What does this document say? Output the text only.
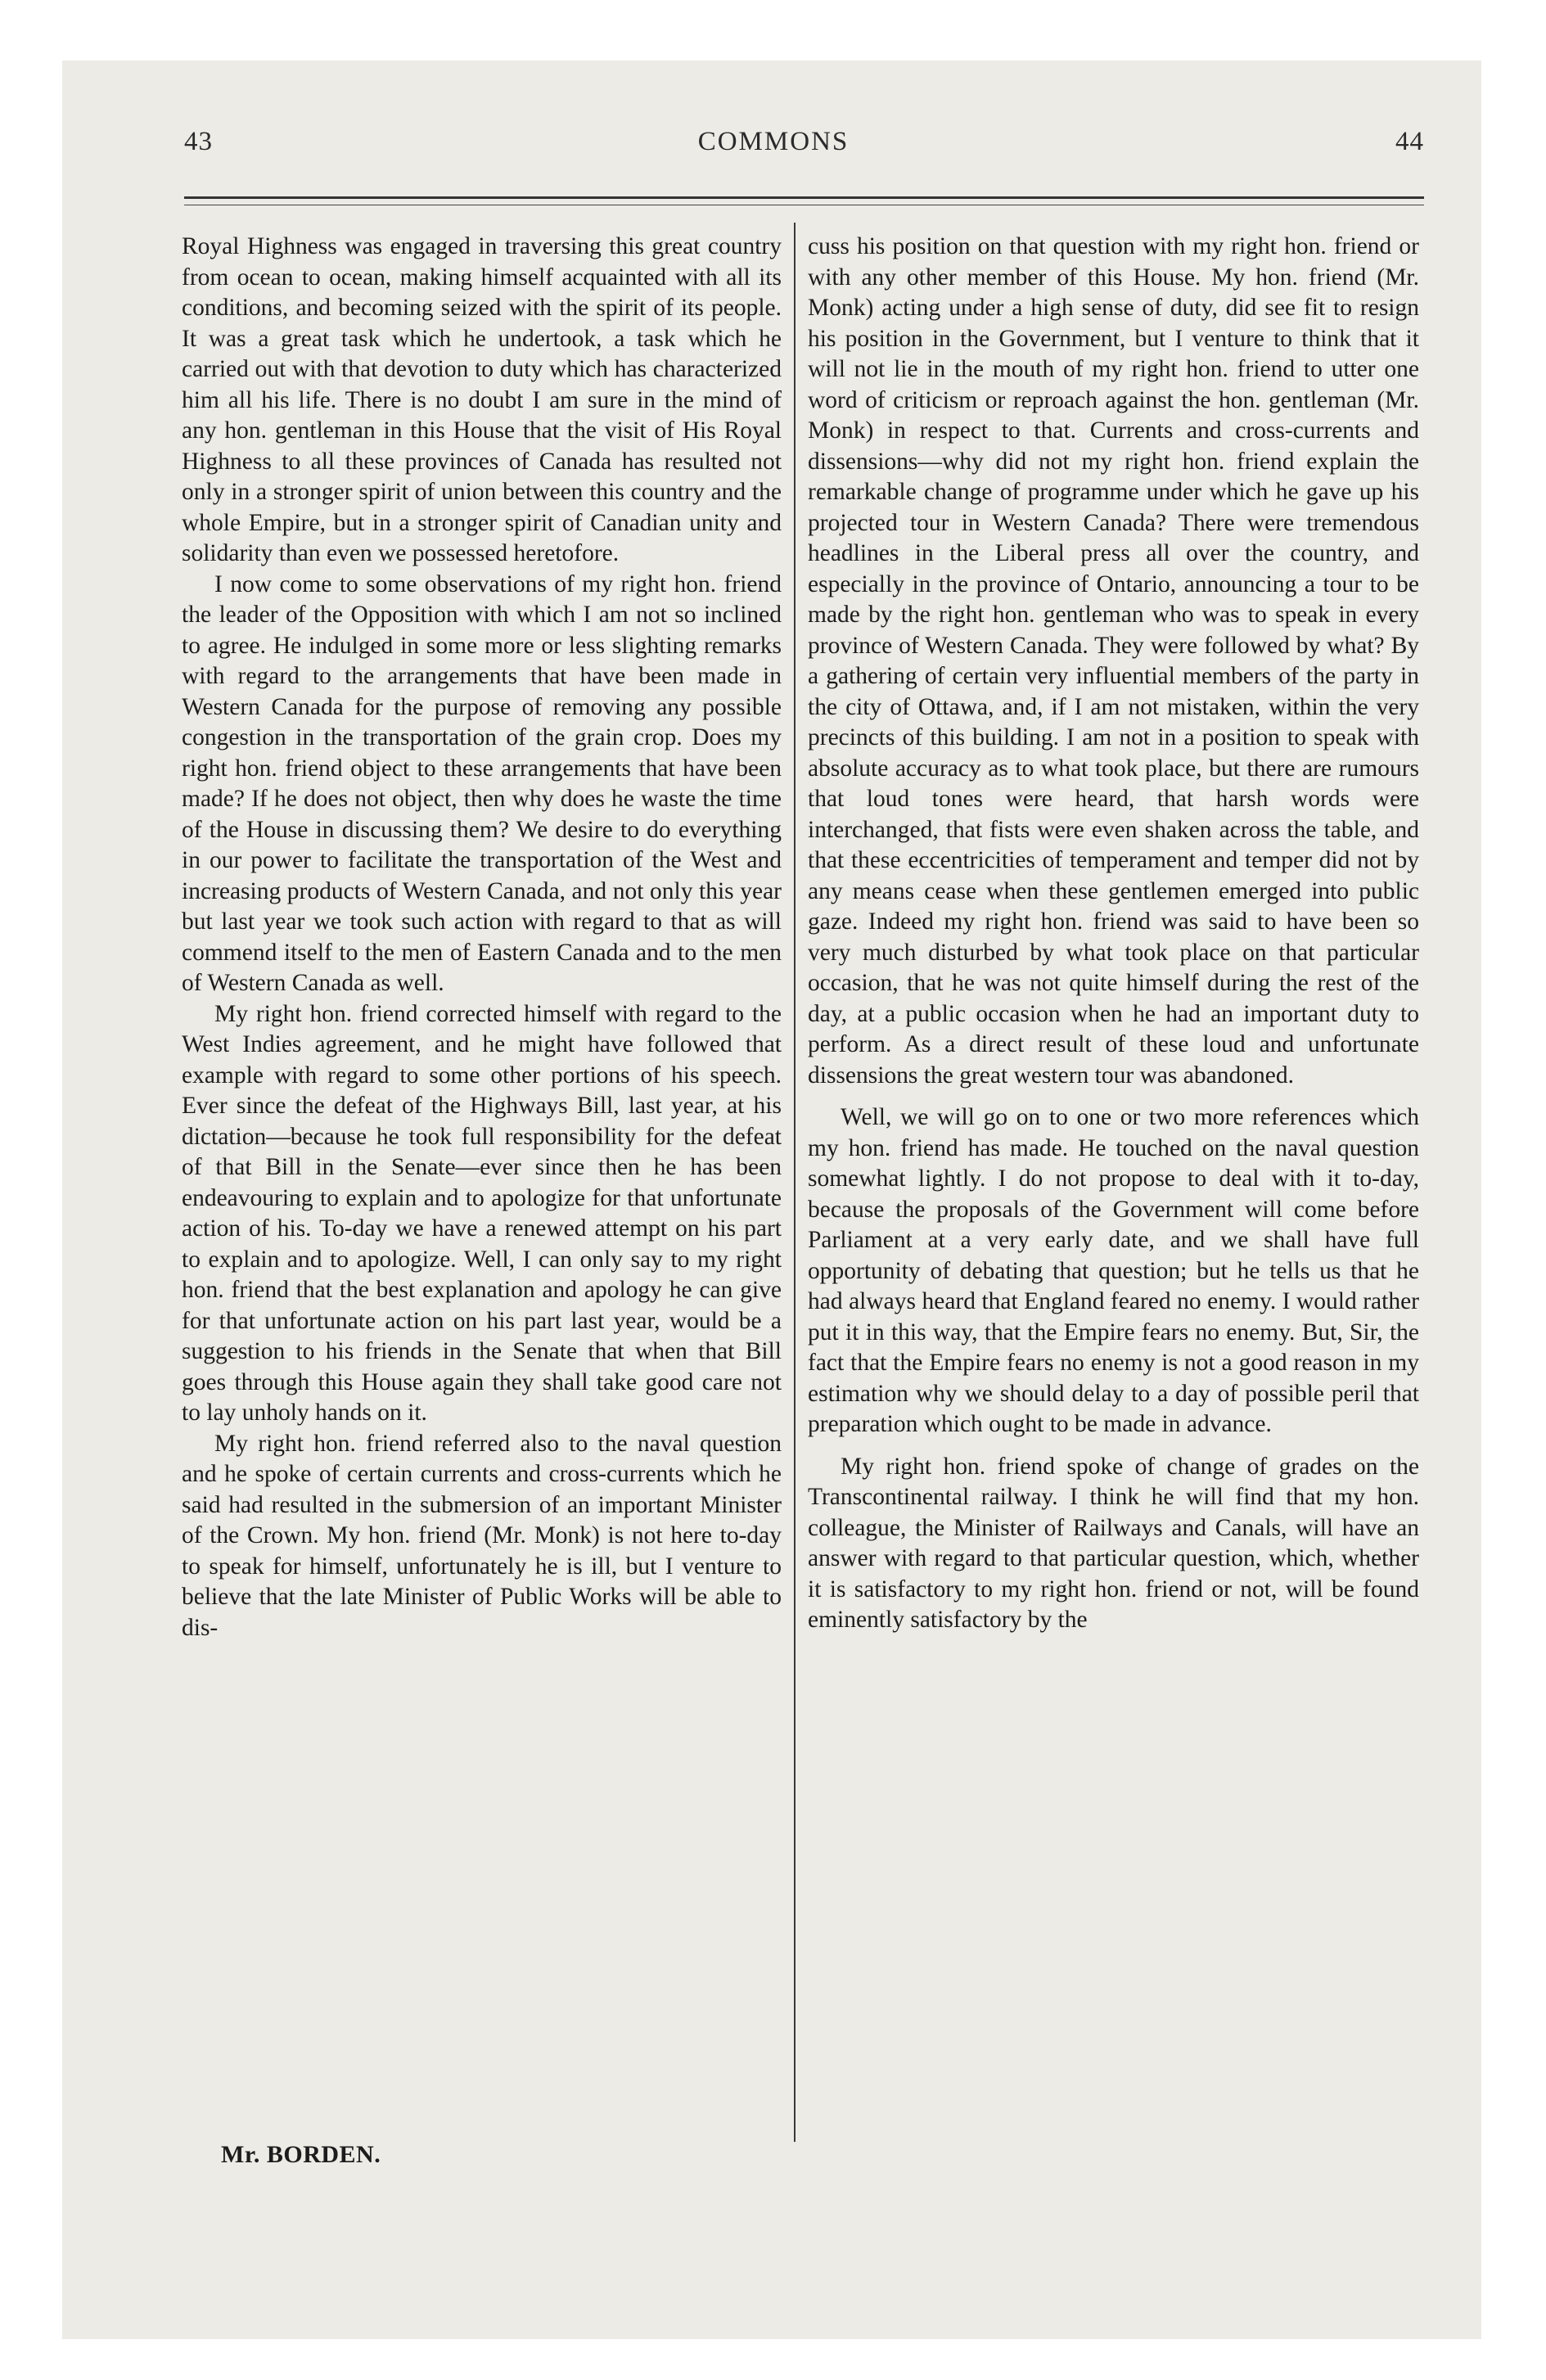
43	COMMONS	44

Royal Highness was engaged in traversing this great country from ocean to ocean, making himself acquainted with all its conditions, and becoming seized with the spirit of its people. It was a great task which he undertook, a task which he carried out with that devotion to duty which has characterized him all his life. There is no doubt I am sure in the mind of any hon. gentleman in this House that the visit of His Royal Highness to all these provinces of Canada has resulted not only in a stronger spirit of union between this country and the whole Empire, but in a stronger spirit of Canadian unity and solidarity than even we possessed heretofore.

I now come to some observations of my right hon. friend the leader of the Opposition with which I am not so inclined to agree. He indulged in some more or less slighting remarks with regard to the arrangements that have been made in Western Canada for the purpose of removing any possible congestion in the transportation of the grain crop. Does my right hon. friend object to these arrangements that have been made? If he does not object, then why does he waste the time of the House in discussing them? We desire to do everything in our power to facilitate the transportation of the West and increasing products of Western Canada, and not only this year but last year we took such action with regard to that as will commend itself to the men of Eastern Canada and to the men of Western Canada as well.

My right hon. friend corrected himself with regard to the West Indies agreement, and he might have followed that example with regard to some other portions of his speech. Ever since the defeat of the Highways Bill, last year, at his dictation—because he took full responsibility for the defeat of that Bill in the Senate—ever since then he has been endeavouring to explain and to apologize for that unfortunate action of his. To-day we have a renewed attempt on his part to explain and to apologize. Well, I can only say to my right hon. friend that the best explanation and apology he can give for that unfortunate action on his part last year, would be a suggestion to his friends in the Senate that when that Bill goes through this House again they shall take good care not to lay unholy hands on it.

My right hon. friend referred also to the naval question and he spoke of certain currents and cross-currents which he said had resulted in the submersion of an important Minister of the Crown. My hon. friend (Mr. Monk) is not here to-day to speak for himself, unfortunately he is ill, but I venture to believe that the late Minister of Public Works will be able to dis-

cuss his position on that question with my right hon. friend or with any other member of this House. My hon. friend (Mr. Monk) acting under a high sense of duty, did see fit to resign his position in the Government, but I venture to think that it will not lie in the mouth of my right hon. friend to utter one word of criticism or reproach against the hon. gentleman (Mr. Monk) in respect to that. Currents and cross-currents and dissensions—why did not my right hon. friend explain the remarkable change of programme under which he gave up his projected tour in Western Canada? There were tremendous headlines in the Liberal press all over the country, and especially in the province of Ontario, announcing a tour to be made by the right hon. gentleman who was to speak in every province of Western Canada. They were followed by what? By a gathering of certain very influential members of the party in the city of Ottawa, and, if I am not mistaken, within the very precincts of this building. I am not in a position to speak with absolute accuracy as to what took place, but there are rumours that loud tones were heard, that harsh words were interchanged, that fists were even shaken across the table, and that these eccentricities of temperament and temper did not by any means cease when these gentlemen emerged into public gaze. Indeed my right hon. friend was said to have been so very much disturbed by what took place on that particular occasion, that he was not quite himself during the rest of the day, at a public occasion when he had an important duty to perform. As a direct result of these loud and unfortunate dissensions the great western tour was abandoned.

Well, we will go on to one or two more references which my hon. friend has made. He touched on the naval question somewhat lightly. I do not propose to deal with it to-day, because the proposals of the Government will come before Parliament at a very early date, and we shall have full opportunity of debating that question; but he tells us that he had always heard that England feared no enemy. I would rather put it in this way, that the Empire fears no enemy. But, Sir, the fact that the Empire fears no enemy is not a good reason in my estimation why we should delay to a day of possible peril that preparation which ought to be made in advance.

My right hon. friend spoke of change of grades on the Transcontinental railway. I think he will find that my hon. colleague, the Minister of Railways and Canals, will have an answer with regard to that particular question, which, whether it is satisfactory to my right hon. friend or not, will be found eminently satisfactory by the

Mr. BORDEN.
